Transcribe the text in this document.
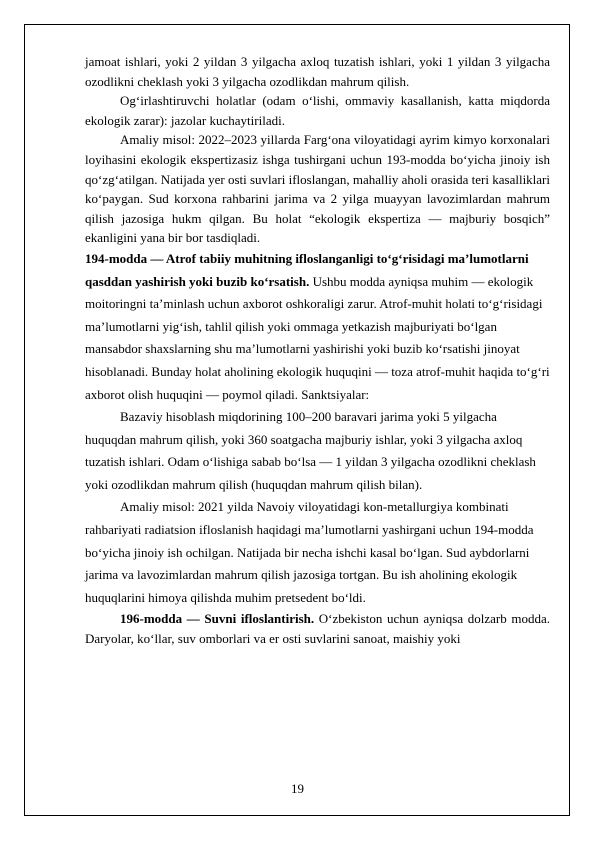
jamoat ishlari, yoki 2 yildan 3 yilgacha axloq tuzatish ishlari, yoki 1 yildan 3 yilgacha ozodlikni cheklash yoki 3 yilgacha ozodlikdan mahrum qilish.

Og‘irlashtiruvchi holatlar (odam o‘lishi, ommaviy kasallanish, katta miqdorda ekologik zarar): jazolar kuchaytiriladi.

Amaliy misol: 2022–2023 yillarda Farg‘ona viloyatidagi ayrim kimyo korxonalari loyihasini ekologik ekspertizasiz ishga tushirgani uchun 193-modda bo‘yicha jinoiy ish qo‘zg‘atilgan. Natijada yer osti suvlari ifloslangan, mahalliy aholi orasida teri kasalliklari ko‘paygan. Sud korxona rahbarini jarima va 2 yilga muayyan lavozimlardan mahrum qilish jazosiga hukm qilgan. Bu holat “ekologik ekspertiza — majburiy bosqich” ekanligini yana bir bor tasdiqladi.

194-modda — Atrof tabiiy muhitning ifloslanganligi to‘g‘risidagi ma’lumotlarni qasddan yashirish yoki buzib ko‘rsatish. Ushbu modda ayniqsa muhim — ekologik moitoringni ta’minlash uchun axborot oshkoraligi zarur. Atrof-muhit holati to‘g‘risidagi ma’lumotlarni yig‘ish, tahlil qilish yoki ommaga yetkazish majburiyati bo‘lgan mansabdor shaxslarning shu ma’lumotlarni yashirishi yoki buzib ko‘rsatishi jinoyat hisoblanadi. Bunday holat aholining ekologik huquqini — toza atrof-muhit haqida to‘g‘ri axborot olish huquqini — poymol qiladi. Sanktsiyalar:

Bazaviy hisoblash miqdorining 100–200 baravari jarima yoki 5 yilgacha huquqdan mahrum qilish, yoki 360 soatgacha majburiy ishlar, yoki 3 yilgacha axloq tuzatish ishlari. Odam o‘lishiga sabab bo‘lsa — 1 yildan 3 yilgacha ozodlikni cheklash yoki ozodlikdan mahrum qilish (huquqdan mahrum qilish bilan).

Amaliy misol: 2021 yilda Navoiy viloyatidagi kon-metallurgiya kombinati rahbariyati radiatsion ifloslanish haqidagi ma’lumotlarni yashirgani uchun 194-modda bo‘yicha jinoiy ish ochilgan. Natijada bir necha ishchi kasal bo‘lgan. Sud aybdorlarni jarima va lavozimlardan mahrum qilish jazosiga tortgan. Bu ish aholining ekologik huquqlarini himoya qilishda muhim pretsedent bo‘ldi.

196-modda — Suvni ifloslantirish. O‘zbekiston uchun ayniqsa dolzarb modda. Daryolar, ko‘llar, suv omborlari va er osti suvlarini sanoat, maishiy yoki

19
